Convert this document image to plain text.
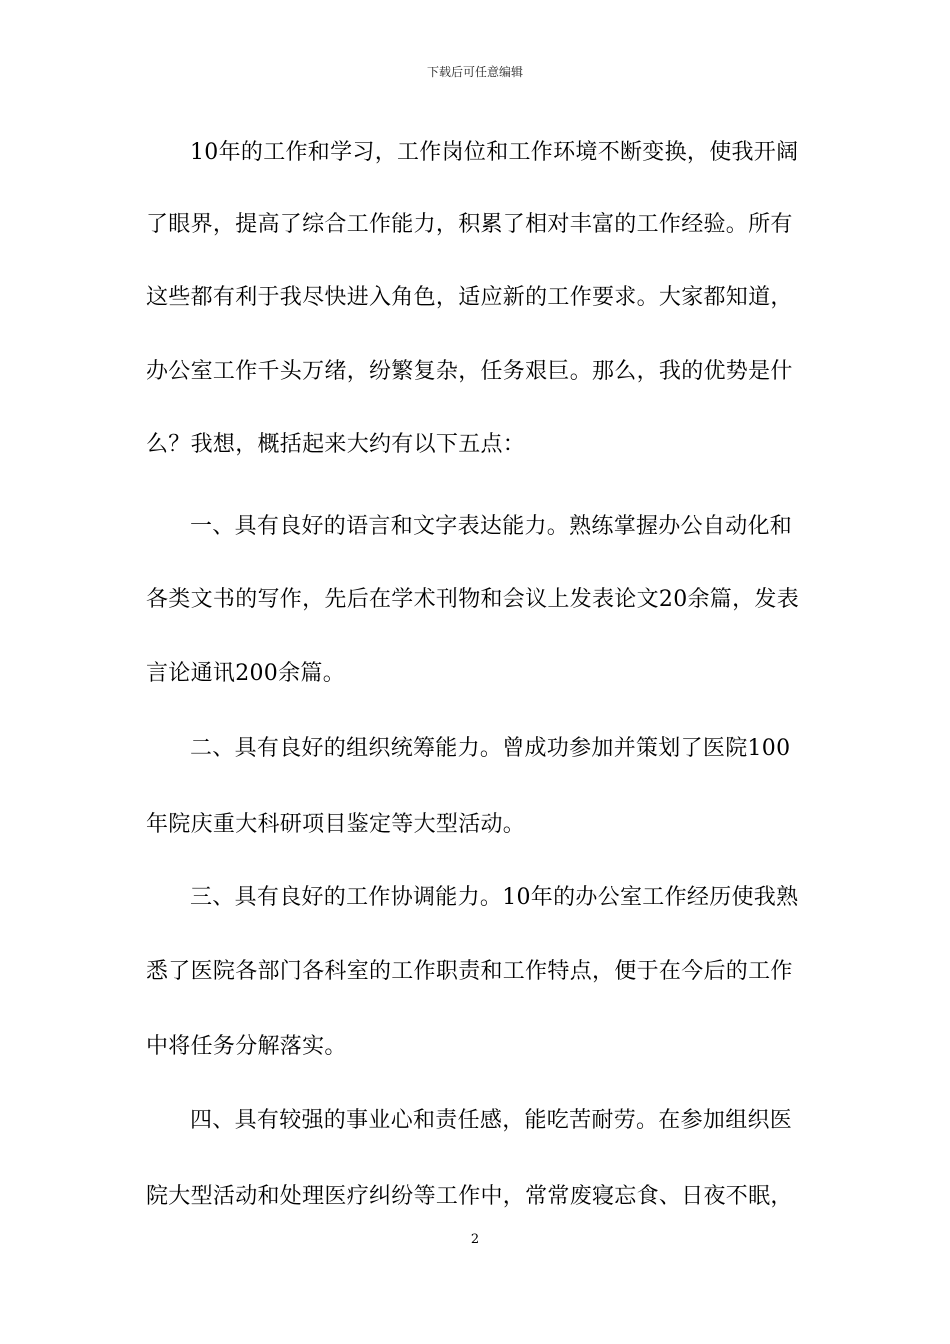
下载后可任意编辑
10年的工作和学习，工作岗位和工作环境不断变换，使我开阔
了眼界，提高了综合工作能力，积累了相对丰富的工作经验。所有
这些都有利于我尽快进入角色，适应新的工作要求。大家都知道，
办公室工作千头万绪，纷繁复杂，任务艰巨。那么，我的优势是什
么？我想，概括起来大约有以下五点：
一、具有良好的语言和文字表达能力。熟练掌握办公自动化和
各类文书的写作，先后在学术刊物和会议上发表论文20余篇，发表
言论通讯200余篇。
二、具有良好的组织统筹能力。曾成功参加并策划了医院100
年院庆重大科研项目鉴定等大型活动。
三、具有良好的工作协调能力。10年的办公室工作经历使我熟
悉了医院各部门各科室的工作职责和工作特点，便于在今后的工作
中将任务分解落实。
四、具有较强的事业心和责任感，能吃苦耐劳。在参加组织医
院大型活动和处理医疗纠纷等工作中，常常废寝忘食、日夜不眠，
2
